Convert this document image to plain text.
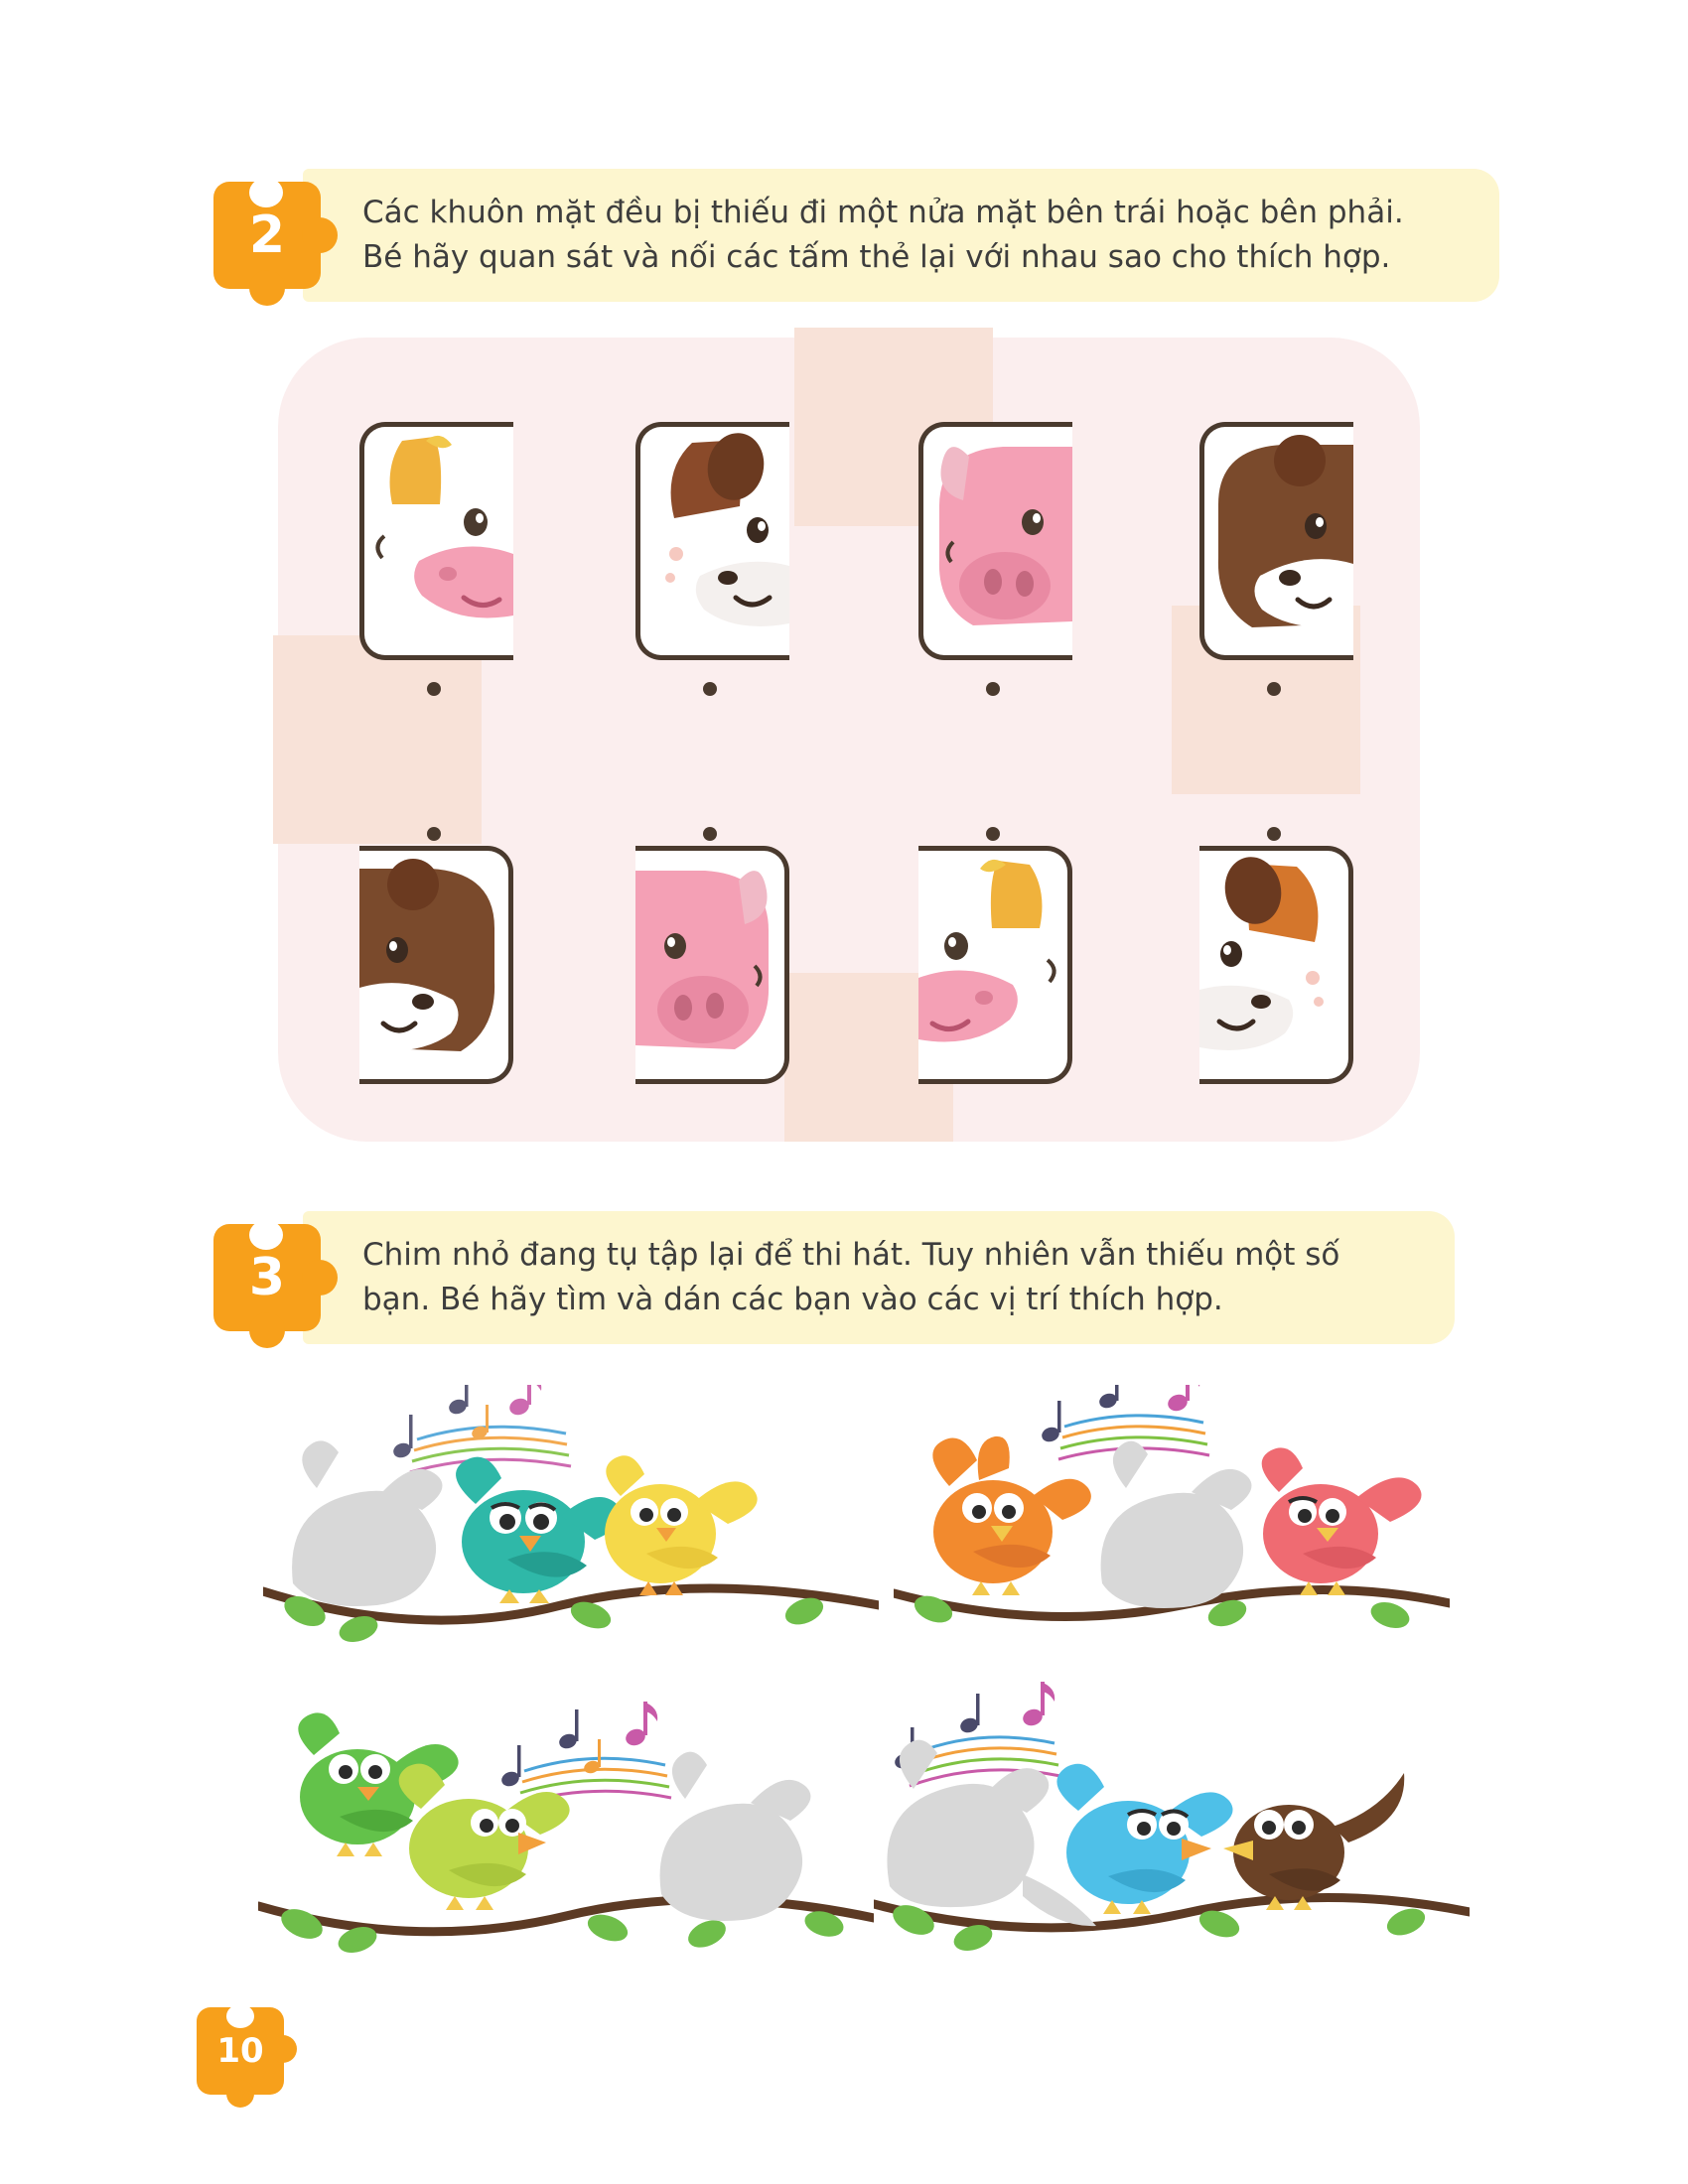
2	Các khuôn mặt đều bị thiếu đi một nửa mặt bên trái hoặc bên phải.
Bé hãy quan sát và nối các tấm thẻ lại với nhau sao cho thích hợp.
3	Chim nhỏ đang tụ tập lại để thi hát. Tuy nhiên vẫn thiếu một số
bạn. Bé hãy tìm và dán các bạn vào các vị trí thích hợp.
10
